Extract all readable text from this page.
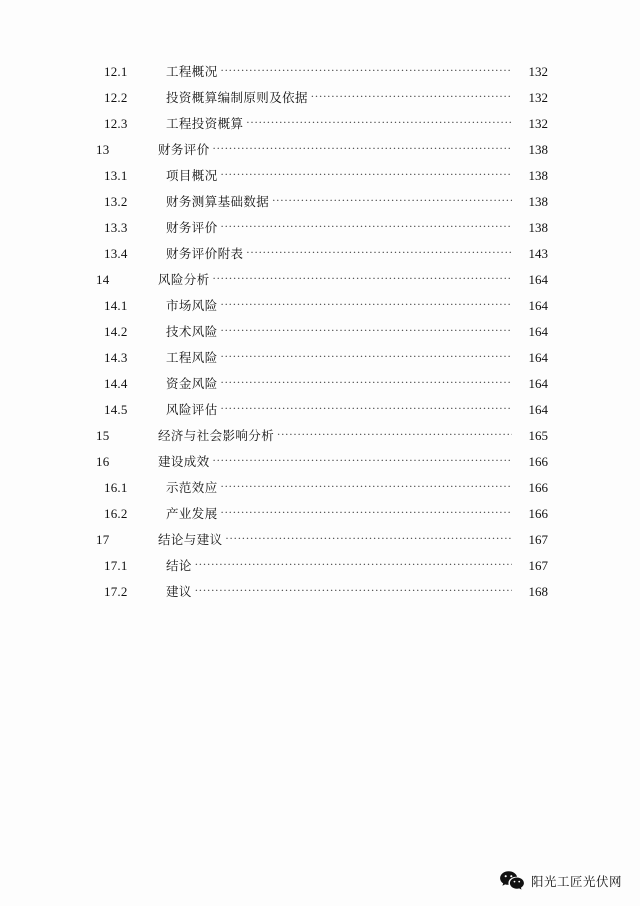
12.1	工程概况 .....	132
12.2	投资概算编制原则及依据 .....	132
12.3	工程投资概算 .....	132
13	财务评价 .....	138
13.1	项目概况 .....	138
13.2	财务测算基础数据 .....	138
13.3	财务评价 .....	138
13.4	财务评价附表 .....	143
14	风险分析 .....	164
14.1	市场风险 .....	164
14.2	技术风险 .....	164
14.3	工程风险 .....	164
14.4	资金风险 .....	164
14.5	风险评估 .....	164
15	经济与社会影响分析 .....	165
16	建设成效 .....	166
16.1	示范效应 .....	166
16.2	产业发展 .....	166
17	结论与建议 .....	167
17.1	结论 .....	167
17.2	建议 .....	168
阳光工匠光伏网
